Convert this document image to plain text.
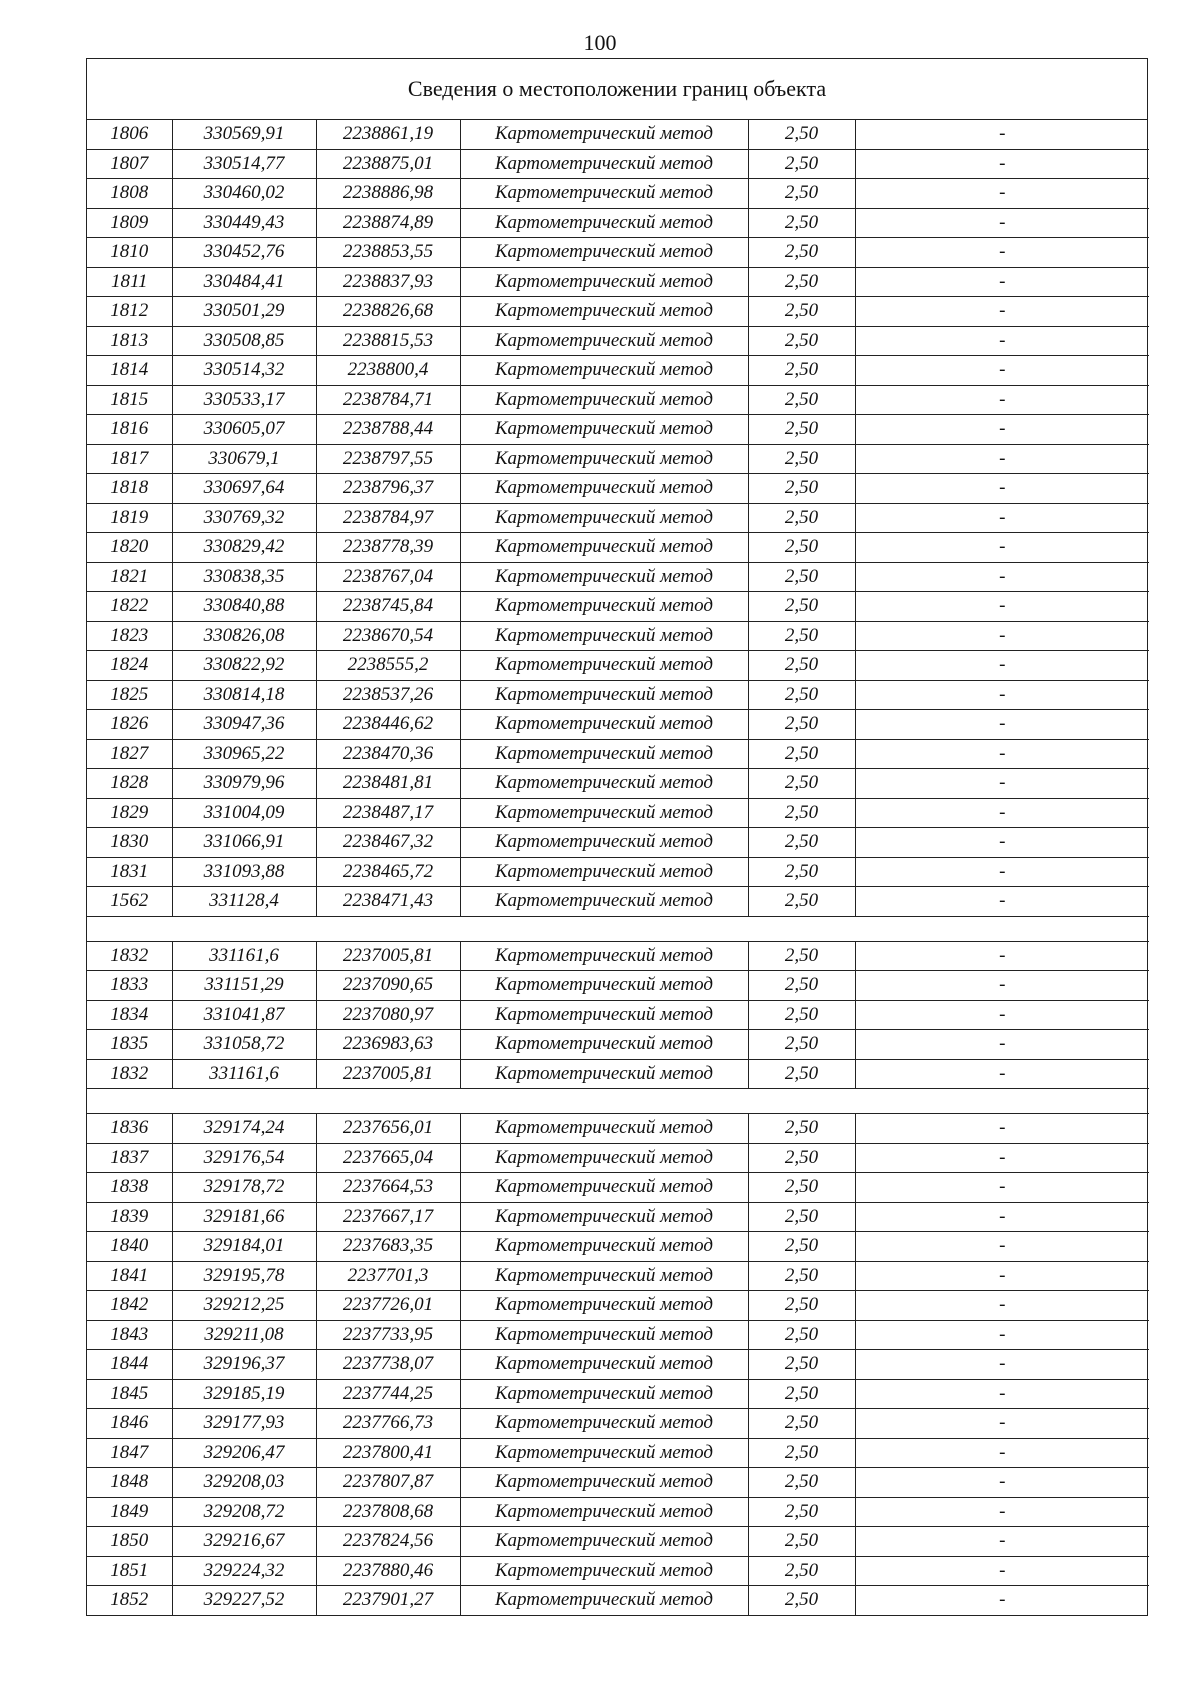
100
Сведения о местоположении границ объекта
1806	330569,91	2238861,19	Картометрический метод	2,50	-
1807	330514,77	2238875,01	Картометрический метод	2,50	-
1808	330460,02	2238886,98	Картометрический метод	2,50	-
1809	330449,43	2238874,89	Картометрический метод	2,50	-
1810	330452,76	2238853,55	Картометрический метод	2,50	-
1811	330484,41	2238837,93	Картометрический метод	2,50	-
1812	330501,29	2238826,68	Картометрический метод	2,50	-
1813	330508,85	2238815,53	Картометрический метод	2,50	-
1814	330514,32	2238800,4	Картометрический метод	2,50	-
1815	330533,17	2238784,71	Картометрический метод	2,50	-
1816	330605,07	2238788,44	Картометрический метод	2,50	-
1817	330679,1	2238797,55	Картометрический метод	2,50	-
1818	330697,64	2238796,37	Картометрический метод	2,50	-
1819	330769,32	2238784,97	Картометрический метод	2,50	-
1820	330829,42	2238778,39	Картометрический метод	2,50	-
1821	330838,35	2238767,04	Картометрический метод	2,50	-
1822	330840,88	2238745,84	Картометрический метод	2,50	-
1823	330826,08	2238670,54	Картометрический метод	2,50	-
1824	330822,92	2238555,2	Картометрический метод	2,50	-
1825	330814,18	2238537,26	Картометрический метод	2,50	-
1826	330947,36	2238446,62	Картометрический метод	2,50	-
1827	330965,22	2238470,36	Картометрический метод	2,50	-
1828	330979,96	2238481,81	Картометрический метод	2,50	-
1829	331004,09	2238487,17	Картометрический метод	2,50	-
1830	331066,91	2238467,32	Картометрический метод	2,50	-
1831	331093,88	2238465,72	Картометрический метод	2,50	-
1562	331128,4	2238471,43	Картометрический метод	2,50	-

1832	331161,6	2237005,81	Картометрический метод	2,50	-
1833	331151,29	2237090,65	Картометрический метод	2,50	-
1834	331041,87	2237080,97	Картометрический метод	2,50	-
1835	331058,72	2236983,63	Картометрический метод	2,50	-
1832	331161,6	2237005,81	Картометрический метод	2,50	-

1836	329174,24	2237656,01	Картометрический метод	2,50	-
1837	329176,54	2237665,04	Картометрический метод	2,50	-
1838	329178,72	2237664,53	Картометрический метод	2,50	-
1839	329181,66	2237667,17	Картометрический метод	2,50	-
1840	329184,01	2237683,35	Картометрический метод	2,50	-
1841	329195,78	2237701,3	Картометрический метод	2,50	-
1842	329212,25	2237726,01	Картометрический метод	2,50	-
1843	329211,08	2237733,95	Картометрический метод	2,50	-
1844	329196,37	2237738,07	Картометрический метод	2,50	-
1845	329185,19	2237744,25	Картометрический метод	2,50	-
1846	329177,93	2237766,73	Картометрический метод	2,50	-
1847	329206,47	2237800,41	Картометрический метод	2,50	-
1848	329208,03	2237807,87	Картометрический метод	2,50	-
1849	329208,72	2237808,68	Картометрический метод	2,50	-
1850	329216,67	2237824,56	Картометрический метод	2,50	-
1851	329224,32	2237880,46	Картометрический метод	2,50	-
1852	329227,52	2237901,27	Картометрический метод	2,50	-
